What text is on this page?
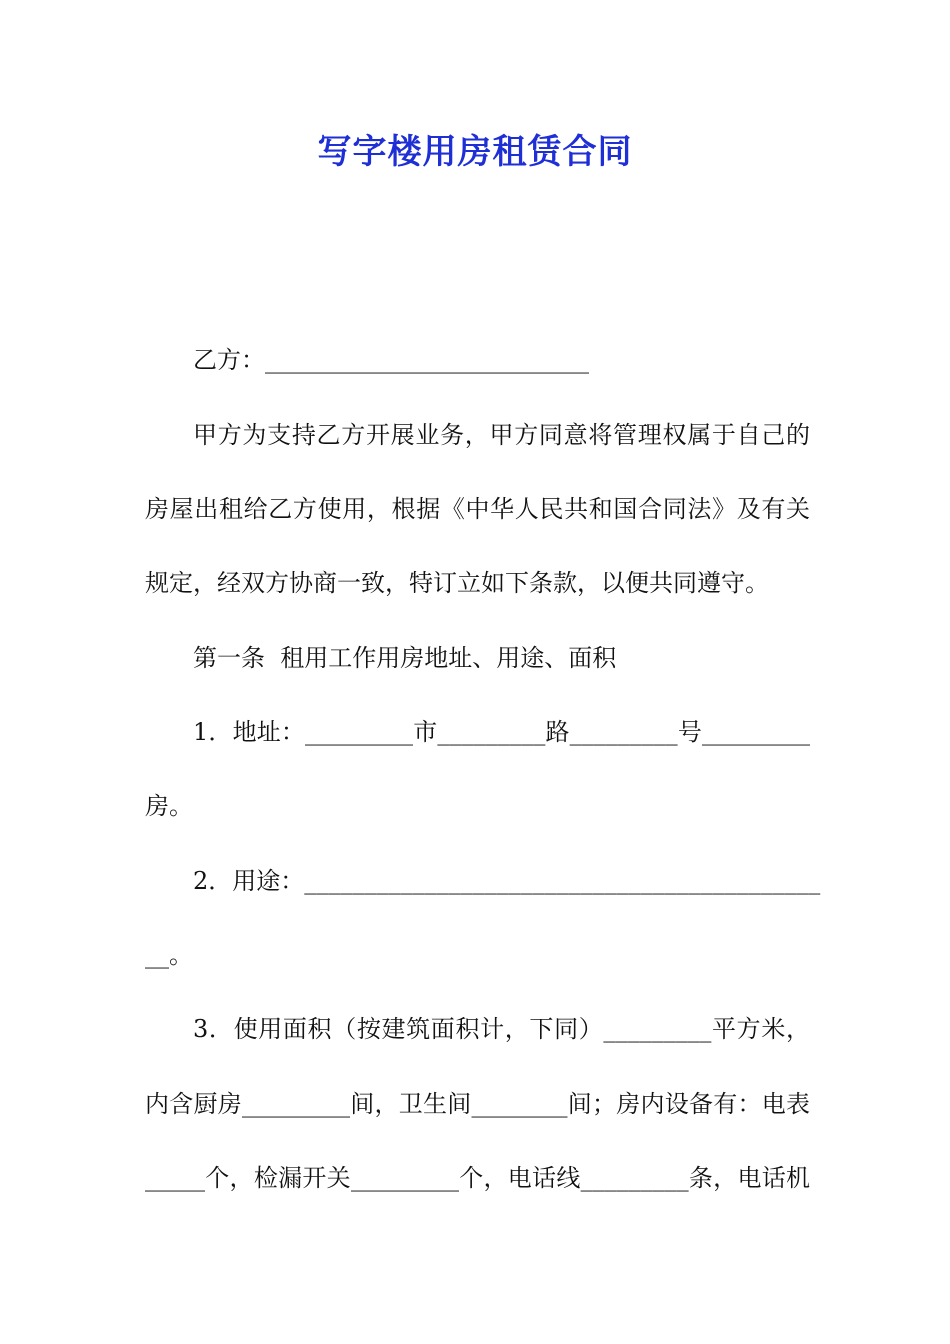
写字楼用房租赁合同
乙方：___________________________
甲方为支持乙方开展业务，甲方同意将管理权属于自己的
房屋出租给乙方使用，根据《中华人民共和国合同法》及有关
规定，经双方协商一致，特订立如下条款，以便共同遵守。
第一条  租用工作用房地址、用途、面积
1．地址：_________市_________路_________号_________
房。
2．用途：___________________________________________
__。
3．使用面积（按建筑面积计，下同）_________平方米，
内含厨房_________间，卫生间________间；房内设备有：电表
_____个，检漏开关_________个，电话线_________条，电话机
